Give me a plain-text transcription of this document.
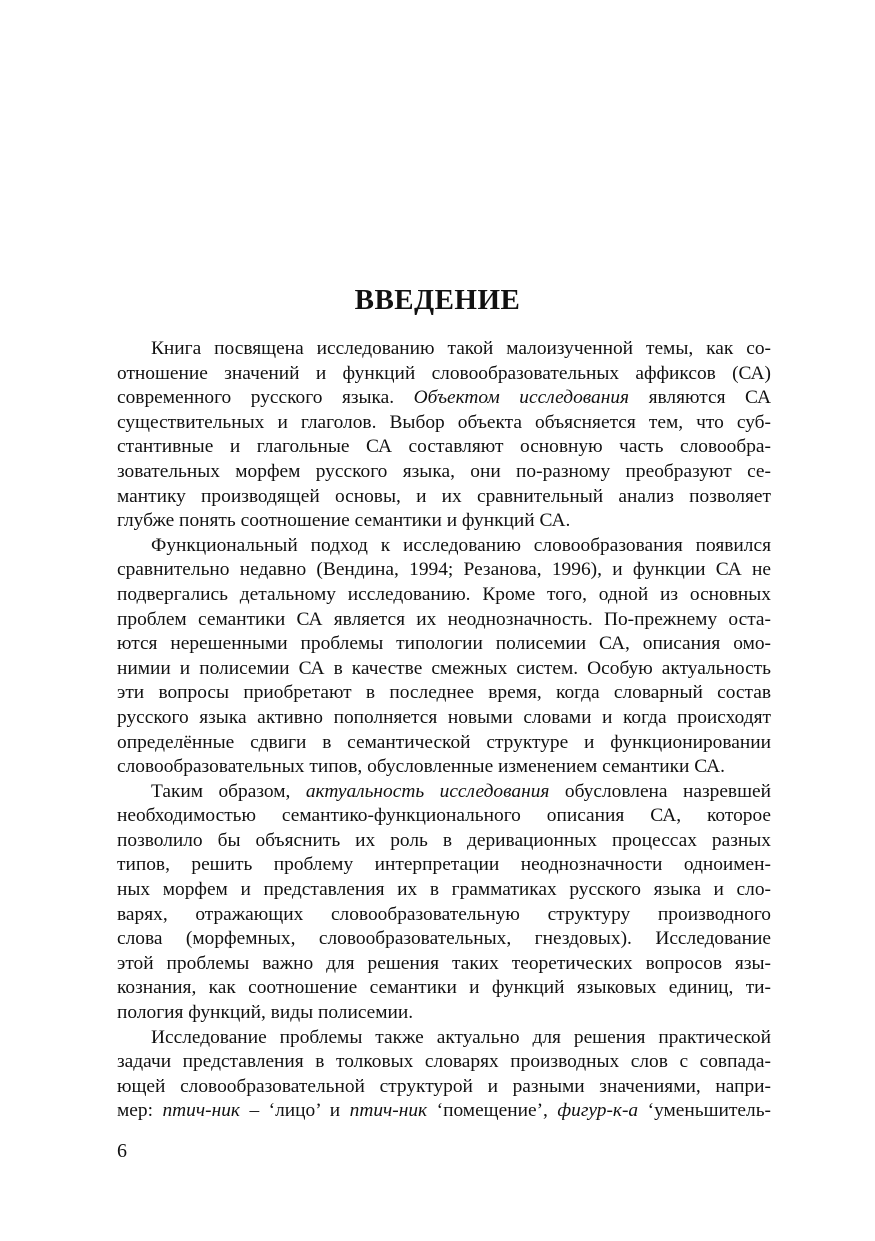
ВВЕДЕНИЕ
Книга посвящена исследованию такой малоизученной темы, как со-
отношение значений и функций словообразовательных аффиксов (СА)
современного русского языка. Объектом исследования являются СА
существительных и глаголов. Выбор объекта объясняется тем, что суб-
стантивные и глагольные СА составляют основную часть словообра-
зовательных морфем русского языка, они по-разному преобразуют се-
мантику производящей основы, и их сравнительный анализ позволяет
глубже понять соотношение семантики и функций СА.
Функциональный подход к исследованию словообразования появился
сравнительно недавно (Вендина, 1994; Резанова, 1996), и функции СА не
подвергались детальному исследованию. Кроме того, одной из основных
проблем семантики СА является их неоднозначность. По-прежнему оста-
ются нерешенными проблемы типологии полисемии СА, описания омо-
нимии и полисемии СА в качестве смежных систем. Особую актуальность
эти вопросы приобретают в последнее время, когда словарный состав
русского языка активно пополняется новыми словами и когда происходят
определённые сдвиги в семантической структуре и функционировании
словообразовательных типов, обусловленные изменением семантики СА.
Таким образом, актуальность исследования обусловлена назревшей
необходимостью семантико-функционального описания СА, которое
позволило бы объяснить их роль в деривационных процессах разных
типов, решить проблему интерпретации неоднозначности одноимен-
ных морфем и представления их в грамматиках русского языка и сло-
варях, отражающих словообразовательную структуру производного
слова (морфемных, словообразовательных, гнездовых). Исследование
этой проблемы важно для решения таких теоретических вопросов язы-
кознания, как соотношение семантики и функций языковых единиц, ти-
пология функций, виды полисемии.
Исследование проблемы также актуально для решения практической
задачи представления в толковых словарях производных слов с совпада-
ющей словообразовательной структурой и разными значениями, напри-
мер: птич-ник – ‘лицо’ и птич-ник ‘помещение’, фигур-к-а ‘уменьшитель-
6
